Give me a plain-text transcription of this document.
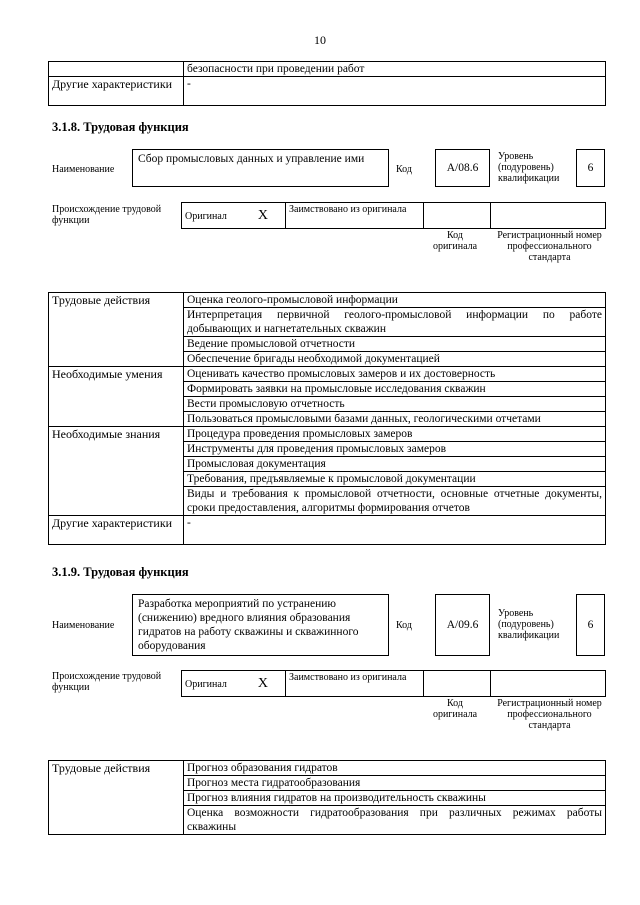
10
	безопасности при проведении работ
Другие характеристики	-
3.1.8. Трудовая функция
Наименование
Сбор промысловых данных и управление ими
Код	A/08.6
Уровень (подуровень) квалификации
6
Происхождение трудовой функции	Оригинал X	Заимствовано из оригинала		
Код оригинала
Регистрационный номер профессионального стандарта
Трудовые действия	Оценка геолого-промысловой информации
	Интерпретация первичной геолого-промысловой информации по работе добывающих и нагнетательных скважин
	Ведение промысловой отчетности
	Обеспечение бригады необходимой документацией
Необходимые умения	Оценивать качество промысловых замеров и их достоверность
	Формировать заявки на промысловые исследования скважин
	Вести промысловую отчетность
	Пользоваться промысловыми базами данных, геологическими отчетами
Необходимые знания	Процедура проведения промысловых замеров
	Инструменты для проведения промысловых замеров
	Промысловая документация
	Требования, предъявляемые к промысловой документации
	Виды и требования к промысловой отчетности, основные отчетные документы, сроки предоставления, алгоритмы формирования отчетов
Другие характеристики	-
3.1.9. Трудовая функция
Наименование
Разработка мероприятий по устранению (снижению) вредного влияния образования гидратов на работу скважины и скважинного оборудования
Код	A/09.6
Уровень (подуровень) квалификации
6
Происхождение трудовой функции	Оригинал X	Заимствовано из оригинала		
Код оригинала
Регистрационный номер профессионального стандарта
Трудовые действия	Прогноз образования гидратов
Прогноз места гидратообразования
Прогноз влияния гидратов на производительность скважины
Оценка возможности гидратообразования при различных режимах работы скважины
